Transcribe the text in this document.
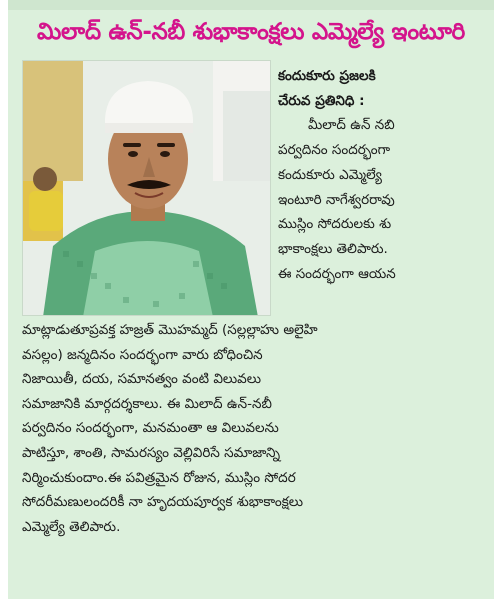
మిలాద్ ఉన్-నబీ శుభాకాంక్షలు ఎమ్మెల్యే ఇంటూరి
కందుకూరు ప్రజలకి
చేరువ ప్రతినిధి :
మీలాద్ ఉన్ నబి
పర్వదినం సందర్భంగా
కందుకూరు ఎమ్మెల్యే
ఇంటూరి నాగేశ్వరరావు
ముస్లిం సోదరులకు శు
భాకాంక్షలు తెలిపారు.
ఈ సందర్భంగా ఆయన
మాట్లాడుతూప్రవక్త హజ్రత్ మొహమ్మద్ (సల్లల్లాహు అలైహి
వసల్లం) జన్మదినం సందర్భంగా వారు బోధించిన
నిజాయితీ, దయ, సమానత్వం వంటి విలువలు
సమాజానికి మార్గదర్శకాలు. ఈ మిలాద్ ఉన్-నబీ
పర్వదినం సందర్భంగా, మనమంతా ఆ విలువలను
పాటిస్తూ, శాంతి, సామరస్యం వెల్లివిరిసే సమాజాన్ని
నిర్మించుకుందాం.ఈ పవిత్రమైన రోజున, ముస్లిం సోదర
సోదరీమణులందరికీ నా హృదయపూర్వక శుభాకాంక్షలు
ఎమ్మెల్యే తెలిపారు.
